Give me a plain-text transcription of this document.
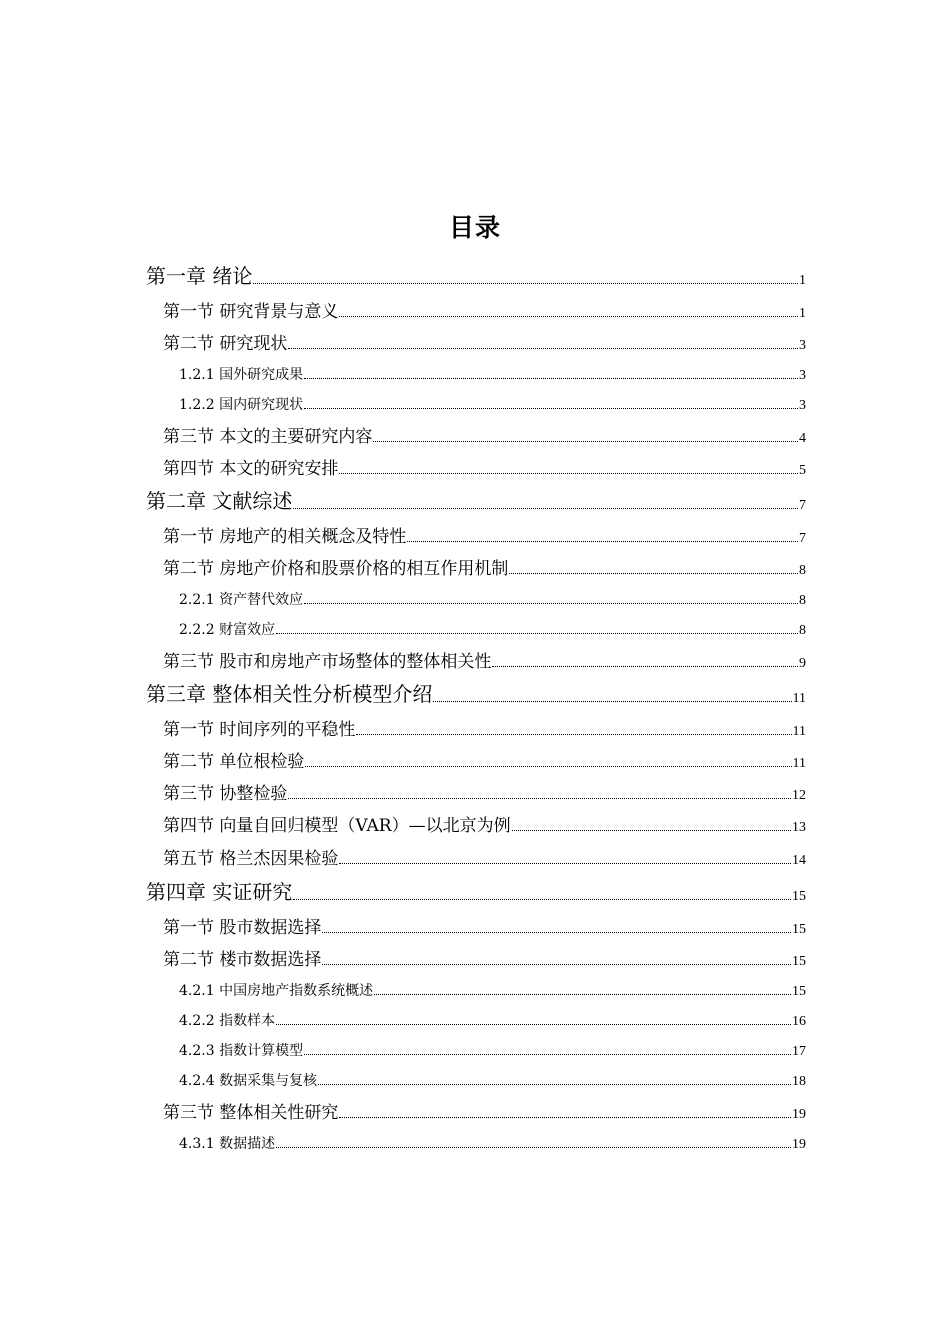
目录
第一章 绪论	1
第一节 研究背景与意义	1
第二节 研究现状	3
1.2.1 国外研究成果	3
1.2.2 国内研究现状	3
第三节 本文的主要研究内容	4
第四节 本文的研究安排	5
第二章 文献综述	7
第一节 房地产的相关概念及特性	7
第二节 房地产价格和股票价格的相互作用机制	8
2.2.1 资产替代效应	8
2.2.2 财富效应	8
第三节 股市和房地产市场整体的整体相关性	9
第三章 整体相关性分析模型介绍	11
第一节 时间序列的平稳性	11
第二节 单位根检验	11
第三节 协整检验	12
第四节 向量自回归模型（VAR）—以北京为例	13
第五节 格兰杰因果检验	14
第四章 实证研究	15
第一节 股市数据选择	15
第二节 楼市数据选择	15
4.2.1 中国房地产指数系统概述	15
4.2.2 指数样本	16
4.2.3 指数计算模型	17
4.2.4 数据采集与复核	18
第三节 整体相关性研究	19
4.3.1 数据描述	19
